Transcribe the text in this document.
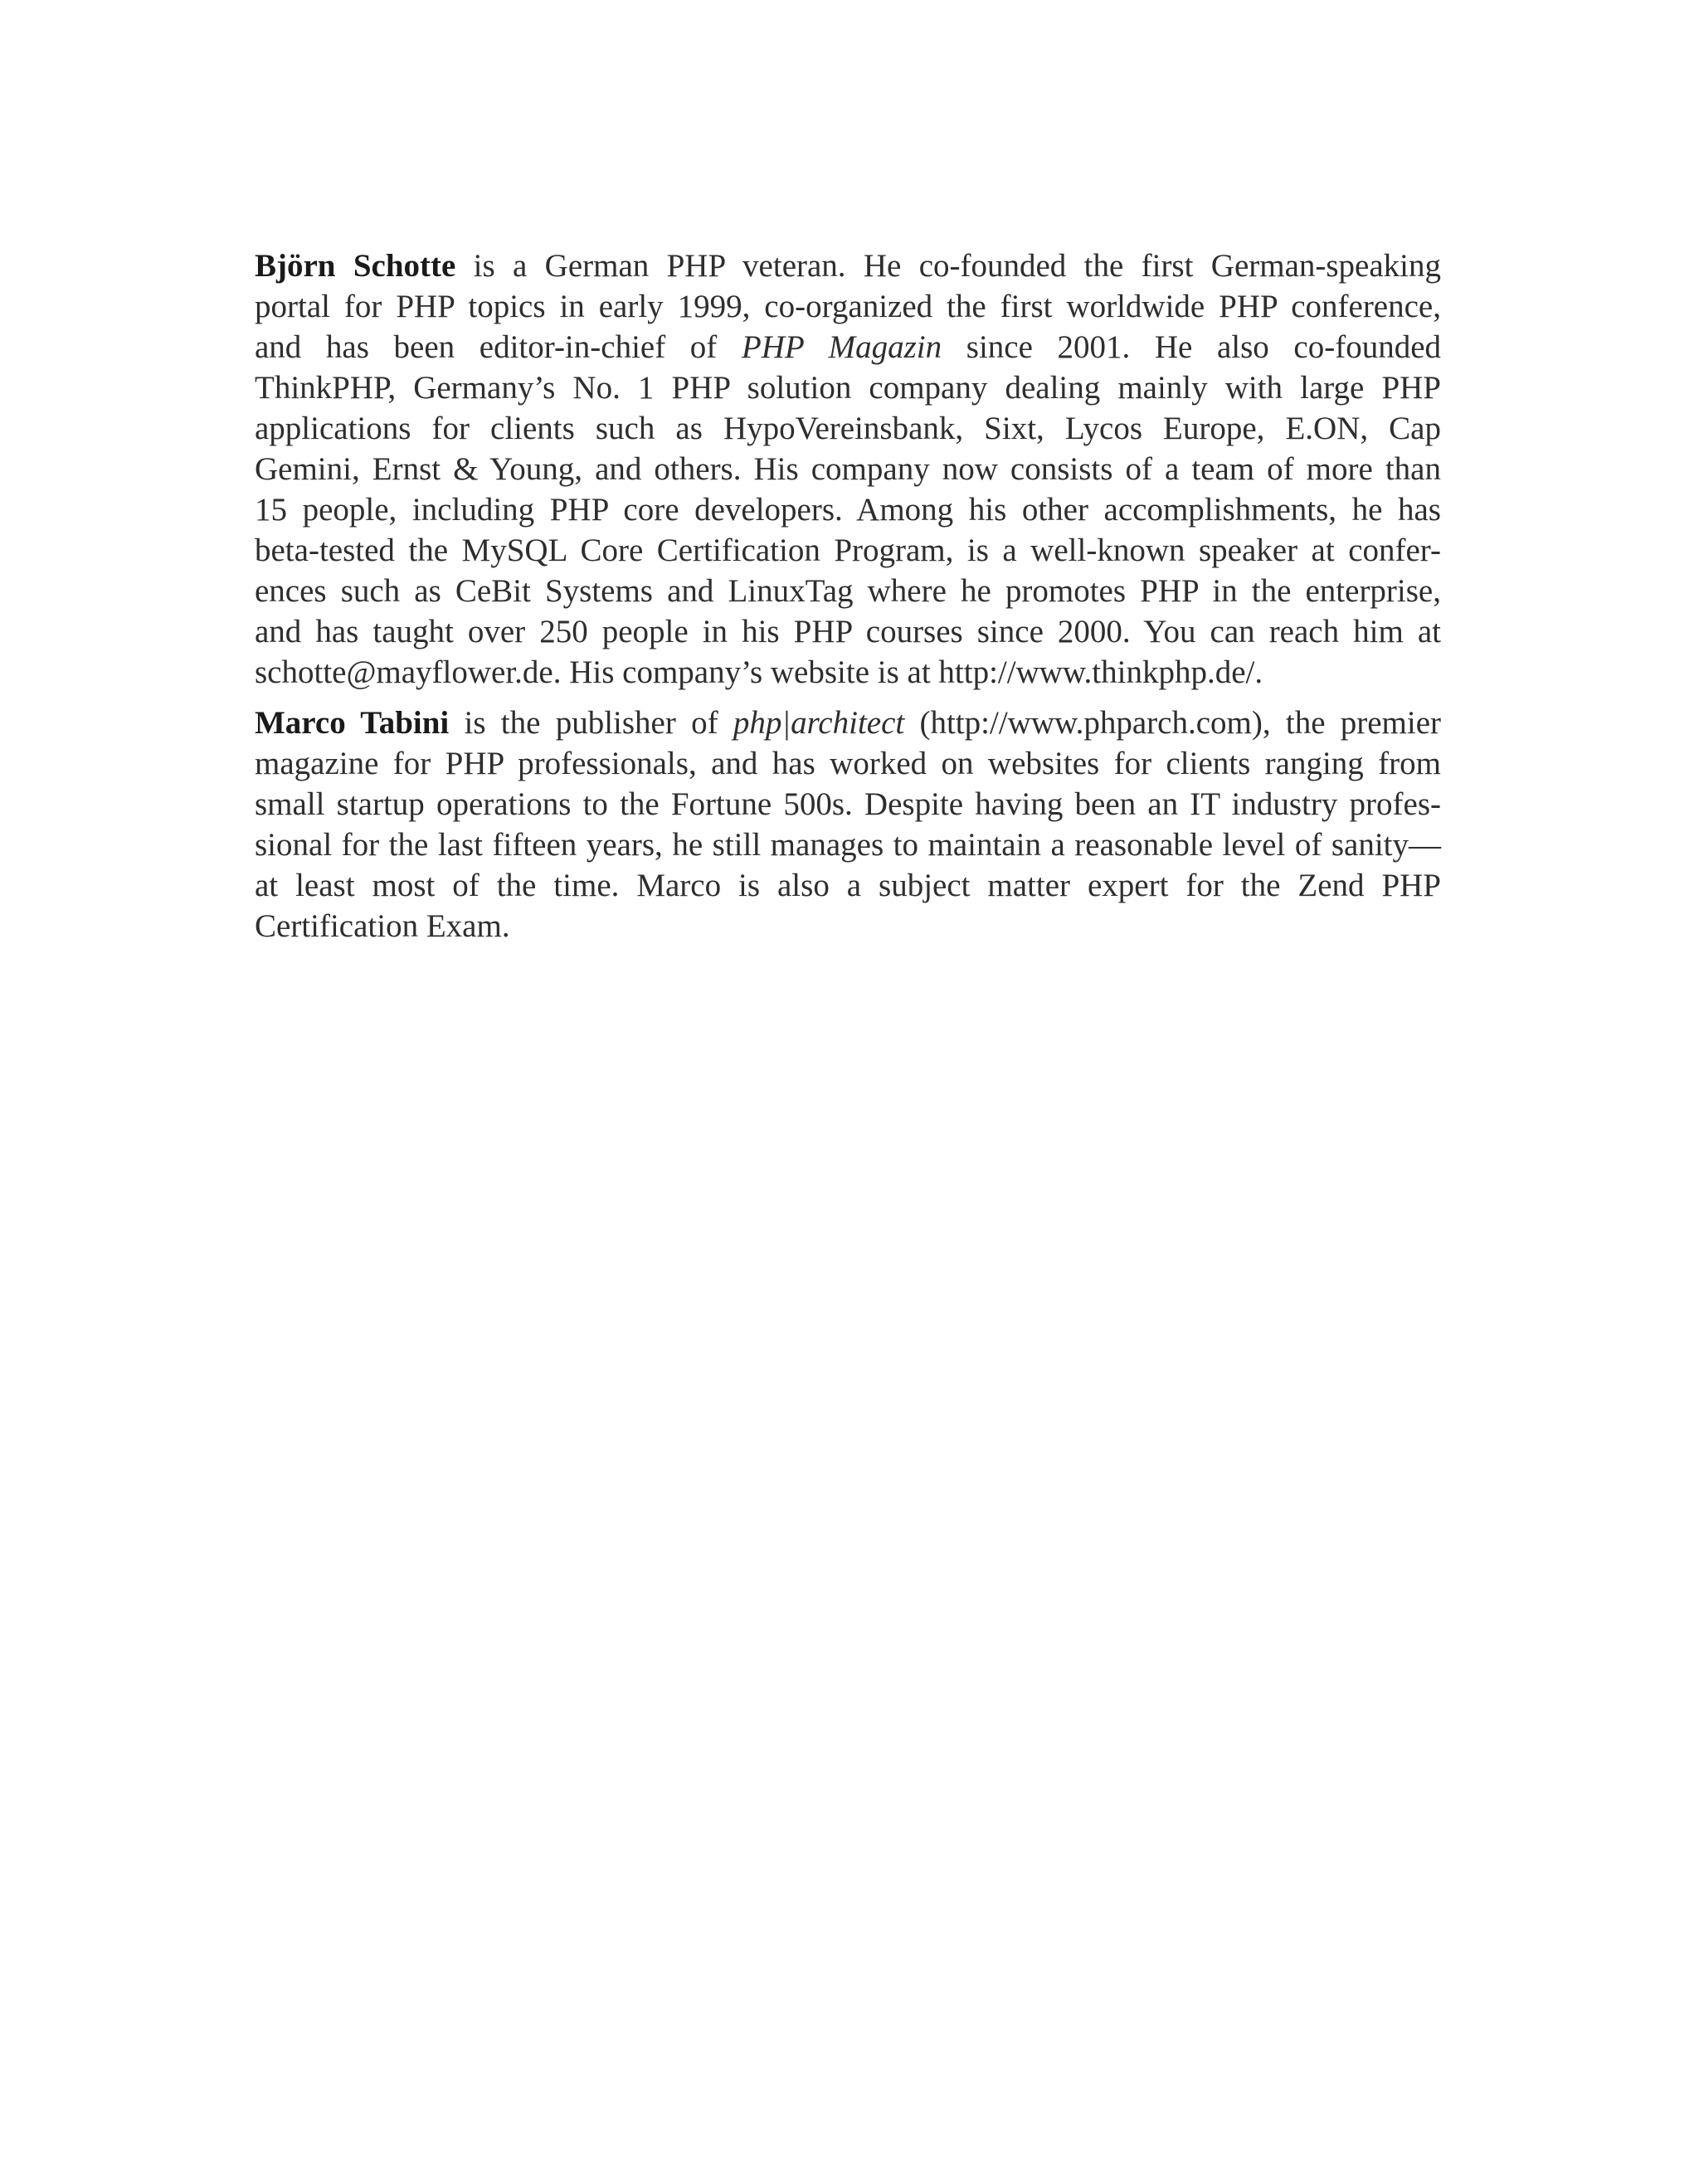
Björn Schotte is a German PHP veteran. He co-founded the first German-speaking
portal for PHP topics in early 1999, co-organized the first worldwide PHP conference,
and has been editor-in-chief of PHP Magazin since 2001. He also co-founded
ThinkPHP, Germany’s No. 1 PHP solution company dealing mainly with large PHP
applications for clients such as HypoVereinsbank, Sixt, Lycos Europe, E.ON, Cap
Gemini, Ernst & Young, and others. His company now consists of a team of more than
15 people, including PHP core developers. Among his other accomplishments, he has
beta-tested the MySQL Core Certification Program, is a well-known speaker at confer-
ences such as CeBit Systems and LinuxTag where he promotes PHP in the enterprise,
and has taught over 250 people in his PHP courses since 2000. You can reach him at
schotte@mayflower.de. His company’s website is at http://www.thinkphp.de/.

Marco Tabini is the publisher of php|architect (http://www.phparch.com), the premier
magazine for PHP professionals, and has worked on websites for clients ranging from
small startup operations to the Fortune 500s. Despite having been an IT industry profes-
sional for the last fifteen years, he still manages to maintain a reasonable level of sanity—
at least most of the time. Marco is also a subject matter expert for the Zend PHP
Certification Exam.
